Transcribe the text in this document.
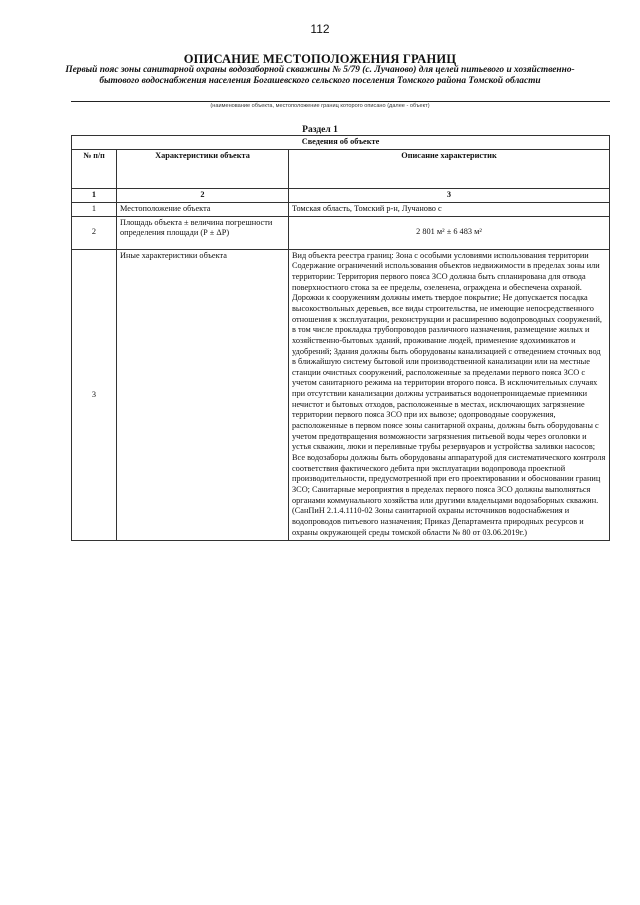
112
ОПИСАНИЕ МЕСТОПОЛОЖЕНИЯ ГРАНИЦ
Первый пояс зоны санитарной охраны водозаборной скважины № 5/79 (с. Лучаново) для целей питьевого и хозяйственно-бытового водоснабжения населения Богашевского сельского поселения Томского района Томской области
(наименование объекта, местоположение границ которого описано (далее - объект)
Раздел 1
Сведения об объекте		
№ п/п	Характеристики объекта	Описание характеристик
1	2	3
1	Местоположение объекта	Томская область, Томский р-н, Лучаново с
2	Площадь объекта ± величина погрешности определения площади (Р ± ΔР)	2 801 м² ± 6 483 м²
3	Иные характеристики объекта	Вид объекта реестра границ: Зона с особыми условиями использования территории Содержание ограничений использования объектов недвижимости в пределах зоны или территории: Территория первого пояса ЗСО должна быть спланирована для отвода поверхностного стока за ее пределы, озеленена, ограждена и обеспечена охраной. Дорожки к сооружениям должны иметь твердое покрытие; Не допускается посадка высокоствольных деревьев, все виды строительства, не имеющие непосредственного отношения к эксплуатации, реконструкции и расширению водопроводных сооружений, в том числе прокладка трубопроводов различного назначения, размещение жилых и хозяйственно-бытовых зданий, проживание людей, применение ядохимикатов и удобрений; Здания должны быть оборудованы канализацией с отведением сточных вод в ближайшую систему бытовой или производственной канализации или на местные станции очистных сооружений, расположенные за пределами первого пояса ЗСО с учетом санитарного режима на территории второго пояса. В исключительных случаях при отсутствии канализации должны устраиваться водонепроницаемые приемники нечистот и бытовых отходов, расположенные в местах, исключающих загрязнение территории первого пояса ЗСО при их вывозе; одопроводные сооружения, расположенные в первом поясе зоны санитарной охраны, должны быть оборудованы с учетом предотвращения возможности загрязнения питьевой воды через оголовки и устья скважин, люки и переливные трубы резервуаров и устройства заливки насосов; Все водозаборы должны быть оборудованы аппаратурой для систематического контроля соответствия фактического дебита при эксплуатации водопровода проектной производительности, предусмотренной при его проектировании и обосновании границ ЗСО; Санитарные мероприятия в пределах первого пояса ЗСО должны выполняться органами коммунального хозяйства или другими владельцами водозаборных скважин. (СанПиН 2.1.4.1110-02 Зоны санитарной охраны источников водоснабжения и водопроводов питьевого назначения; Приказ Департамента природных ресурсов и охраны окружающей среды томской области № 80 от 03.06.2019г.)
